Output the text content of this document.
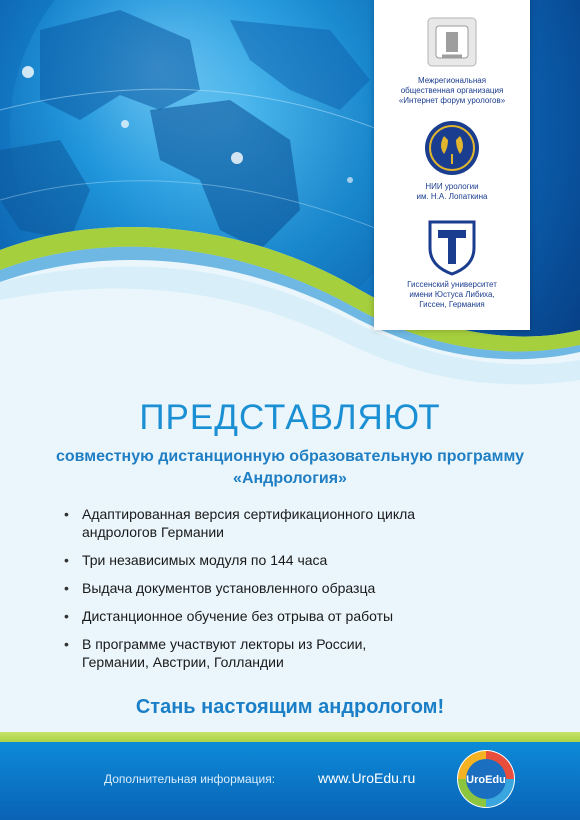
Межрегиональная
общественная организация
«Интернет форум урологов»
НИИ урологии
им. Н.А. Лопаткина
Гиссенский университет
имени Юстуса Либиха,
Гиссен, Германия
ПРЕДСТАВЛЯЮТ
совместную дистанционную образовательную программу
«Андрология»
• Адаптированная версия сертификационного цикла
андрологов Германии
• Три независимых модуля по 144 часа
• Выдача документов установленного образца
• Дистанционное обучение без отрыва от работы
• В программе участвуют лекторы из России,
Германии, Австрии, Голландии
Стань настоящим андрологом!
Дополнительная информация:	www.UroEdu.ru	UroEdu
